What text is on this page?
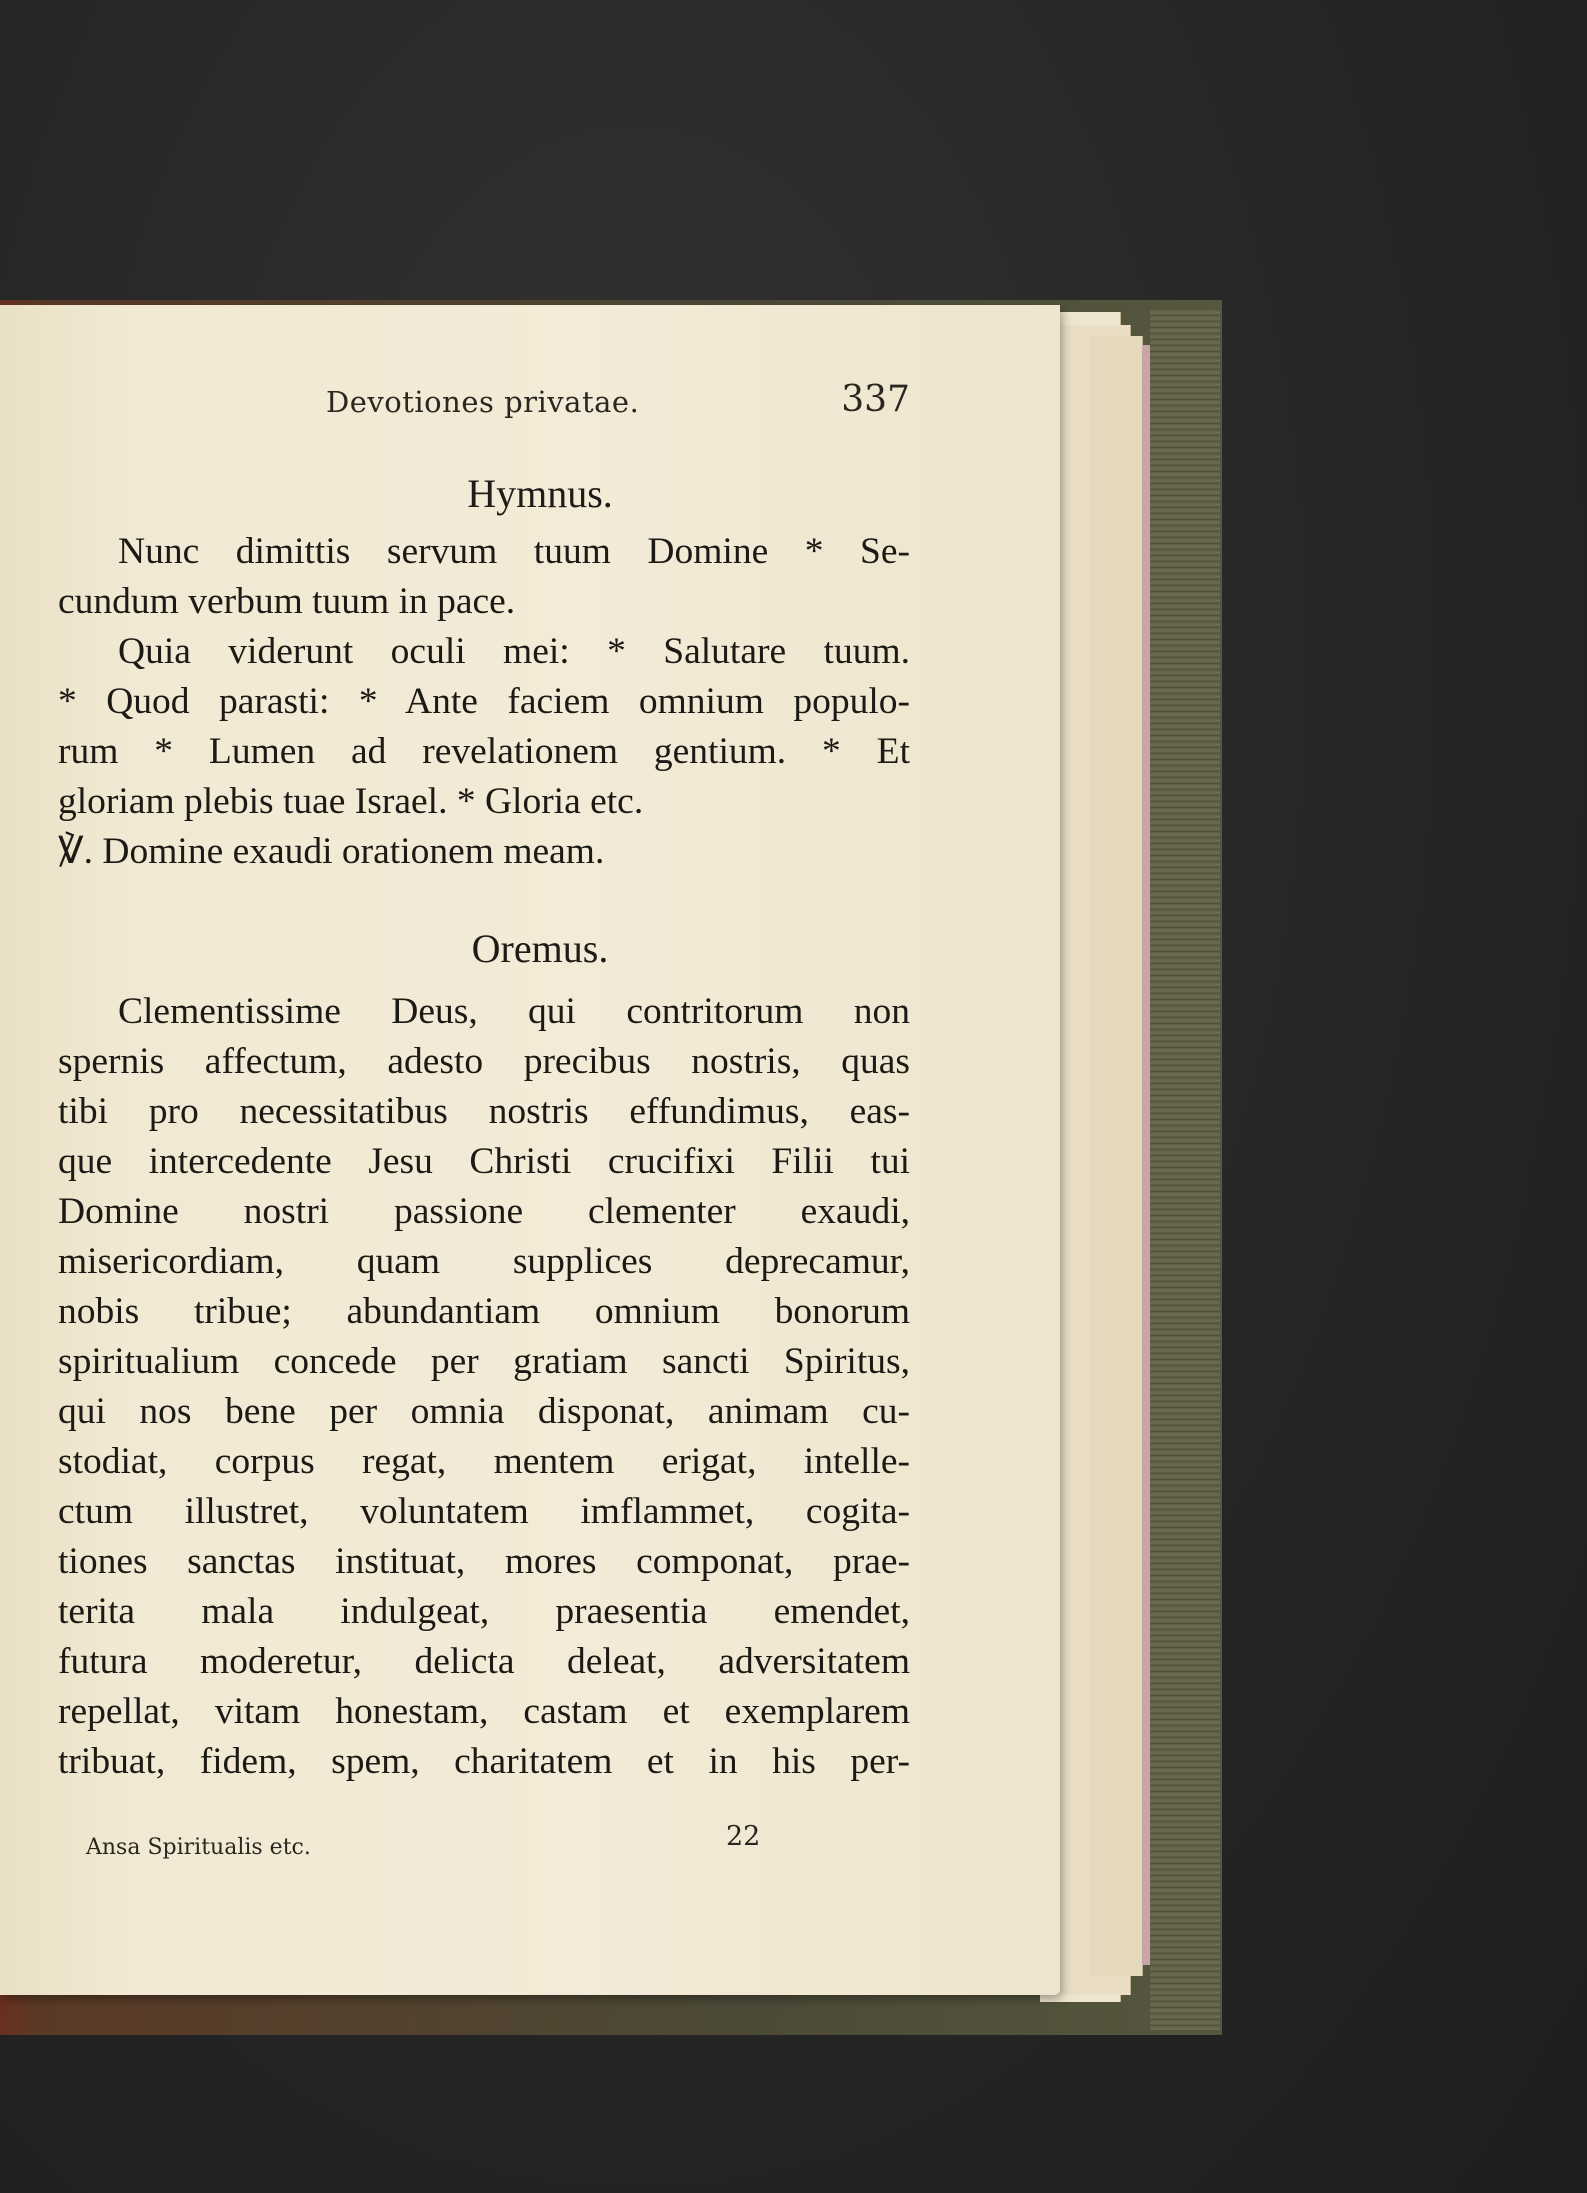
Devotiones privatae.	337
Hymnus.
Nunc dimittis servum tuum Domine * Se-
cundum verbum tuum in pace.
Quia viderunt oculi mei: * Salutare tuum.
* Quod parasti: * Ante faciem omnium populo-
rum * Lumen ad revelationem gentium. * Et
gloriam plebis tuae Israel. * Gloria etc.
℣. Domine exaudi orationem meam.
Oremus.
Clementissime Deus, qui contritorum non
spernis affectum, adesto precibus nostris, quas
tibi pro necessitatibus nostris effundimus, eas-
que intercedente Jesu Christi crucifixi Filii tui
Domine nostri passione clementer exaudi,
misericordiam, quam supplices deprecamur,
nobis tribue; abundantiam omnium bonorum
spiritualium concede per gratiam sancti Spiritus,
qui nos bene per omnia disponat, animam cu-
stodiat, corpus regat, mentem erigat, intelle-
ctum illustret, voluntatem imflammet, cogita-
tiones sanctas instituat, mores componat, prae-
terita mala indulgeat, praesentia emendet,
futura moderetur, delicta deleat, adversitatem
repellat, vitam honestam, castam et exemplarem
tribuat, fidem, spem, charitatem et in his per-
Ansa Spiritualis etc.	22
